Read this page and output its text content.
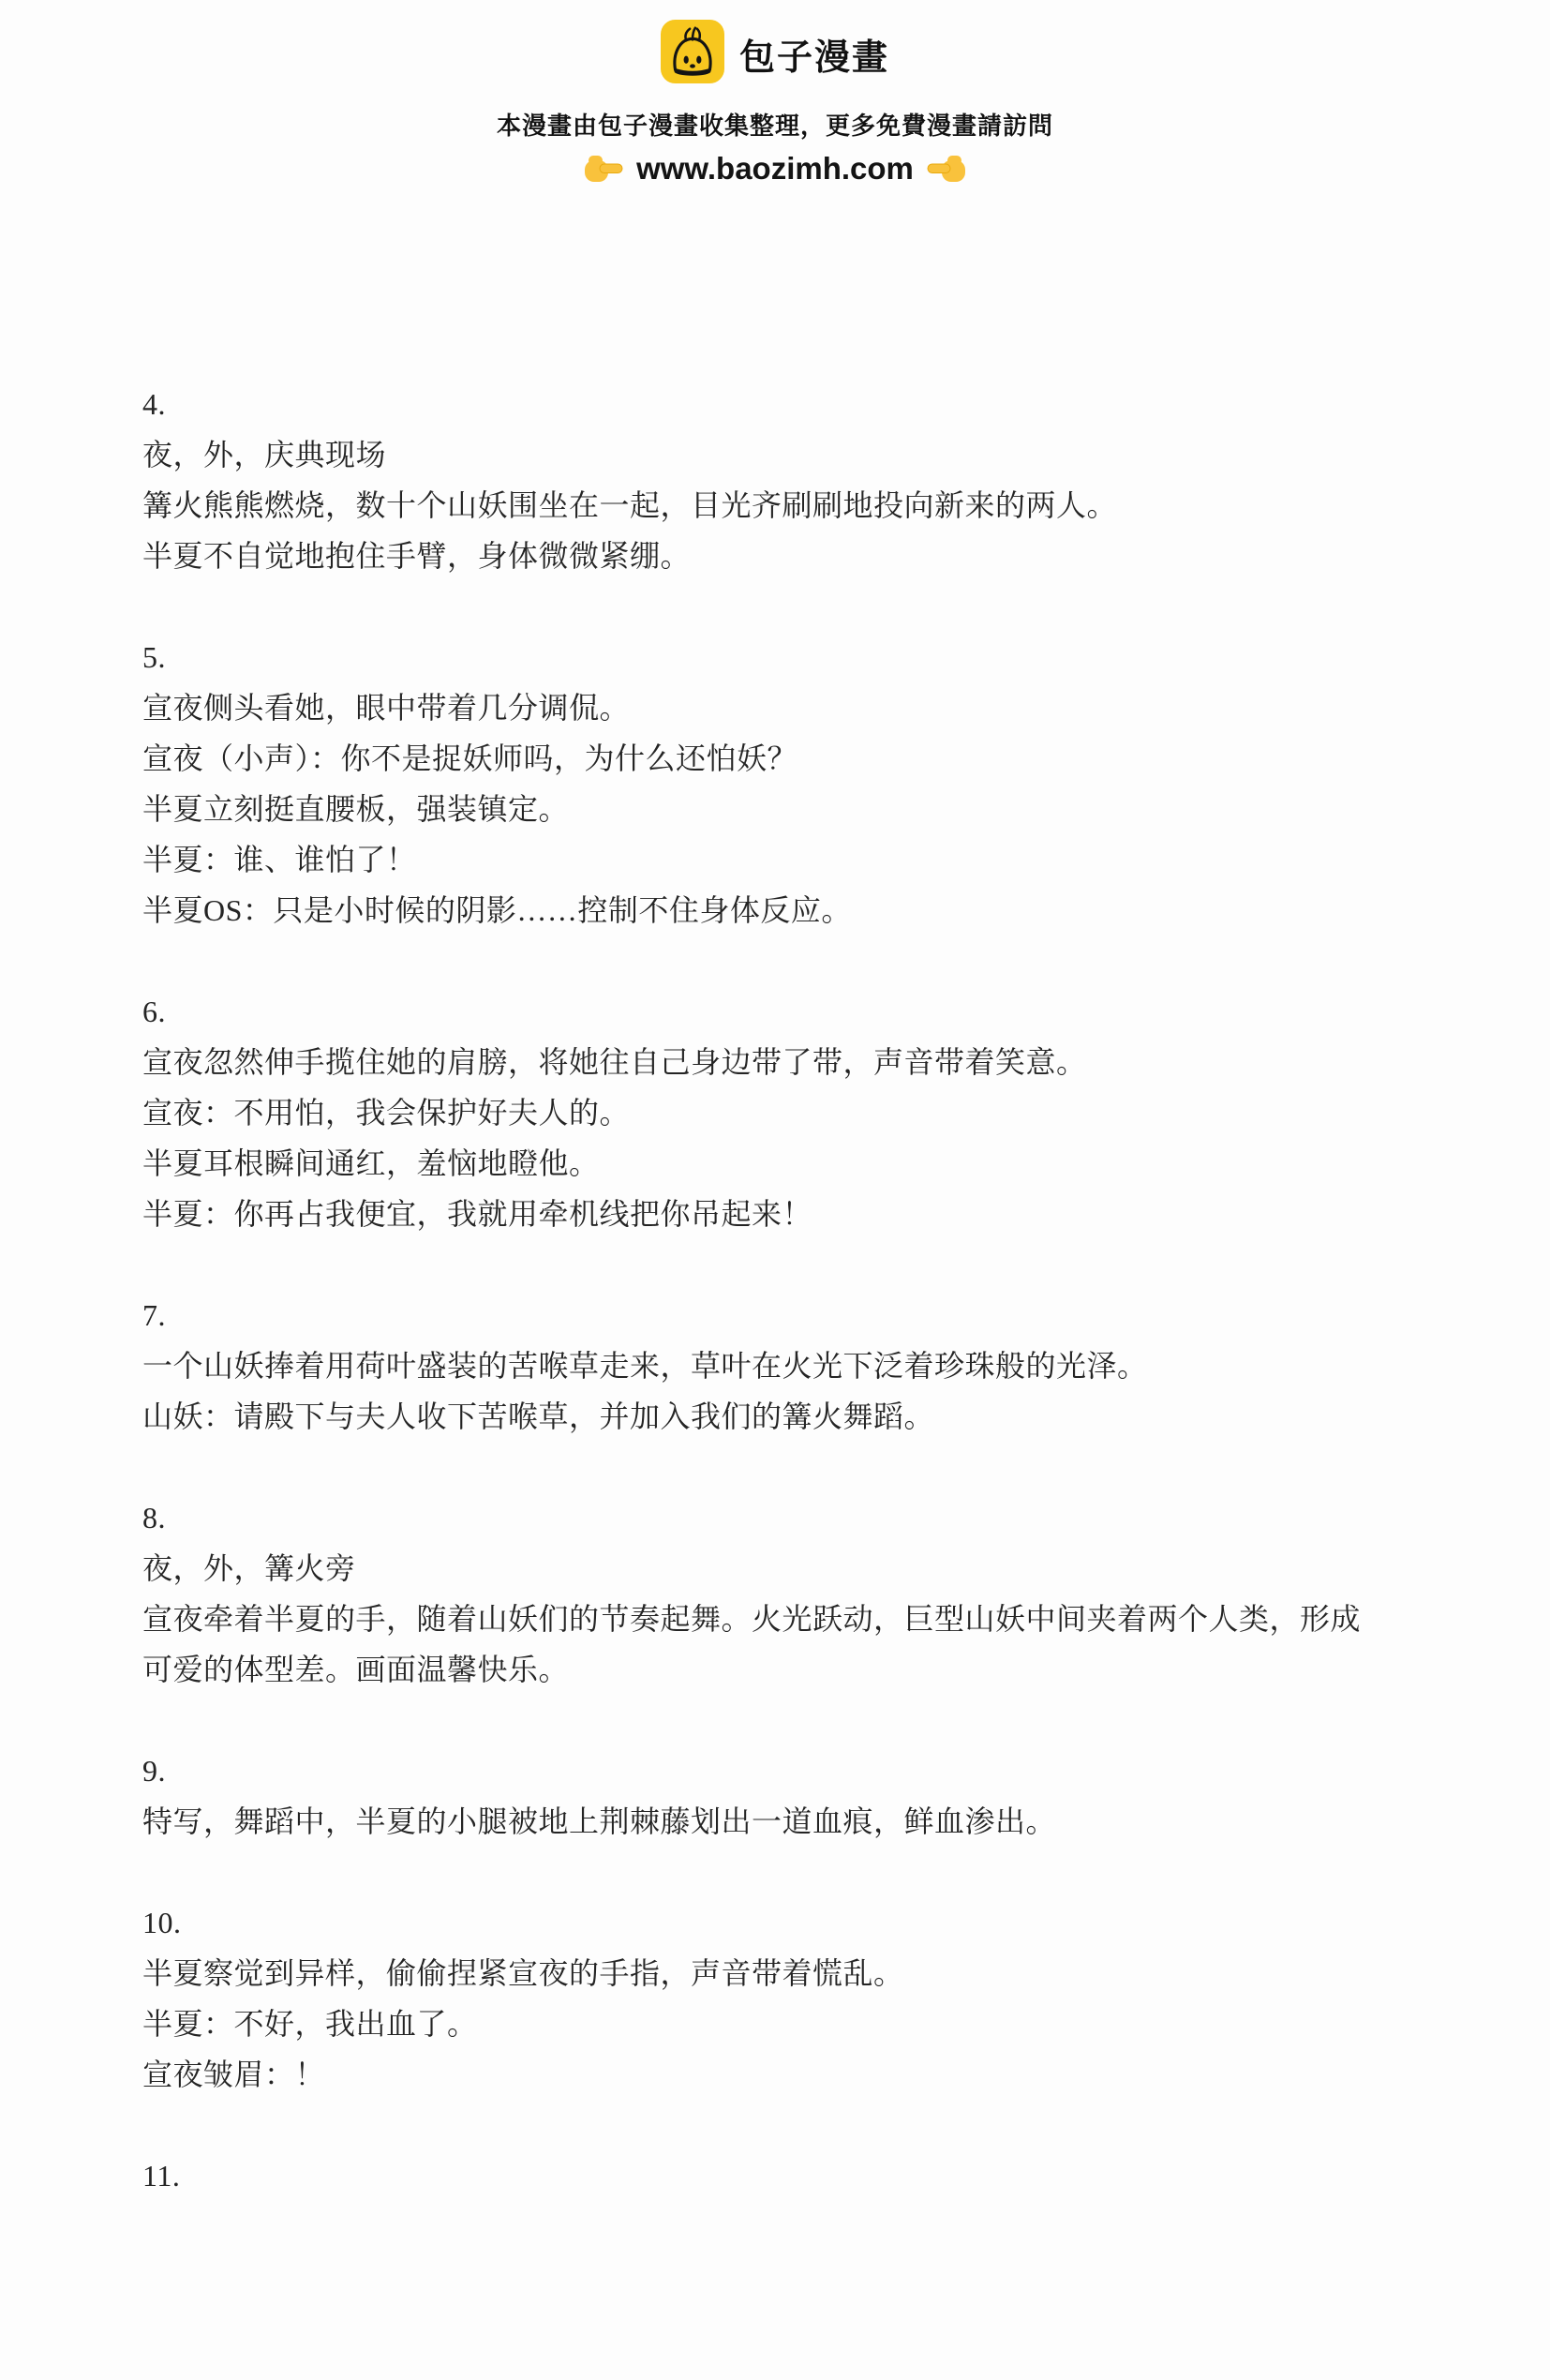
包子漫畫
本漫畫由包子漫畫收集整理，更多免費漫畫請訪問
www.baozimh.com

4.

夜，外，庆典现场

篝火熊熊燃烧，数十个山妖围坐在一起，目光齐刷刷地投向新来的两人。

半夏不自觉地抱住手臂，身体微微紧绷。

5.

宣夜侧头看她，眼中带着几分调侃。

宣夜（小声）：你不是捉妖师吗，为什么还怕妖？

半夏立刻挺直腰板，强装镇定。

半夏：谁、谁怕了！

半夏OS：只是小时候的阴影……控制不住身体反应。

6.

宣夜忽然伸手揽住她的肩膀，将她往自己身边带了带，声音带着笑意。

宣夜：不用怕，我会保护好夫人的。

半夏耳根瞬间通红，羞恼地瞪他。

半夏：你再占我便宜，我就用牵机线把你吊起来！

7.

一个山妖捧着用荷叶盛装的苦喉草走来，草叶在火光下泛着珍珠般的光泽。

山妖：请殿下与夫人收下苦喉草，并加入我们的篝火舞蹈。

8.

夜，外，篝火旁

宣夜牵着半夏的手，随着山妖们的节奏起舞。火光跃动，巨型山妖中间夹着两个人类，形成可爱的体型差。画面温馨快乐。

9.

特写，舞蹈中，半夏的小腿被地上荆棘藤划出一道血痕，鲜血渗出。

10.

半夏察觉到异样，偷偷捏紧宣夜的手指，声音带着慌乱。

半夏：不好，我出血了。

宣夜皱眉：！

11.
